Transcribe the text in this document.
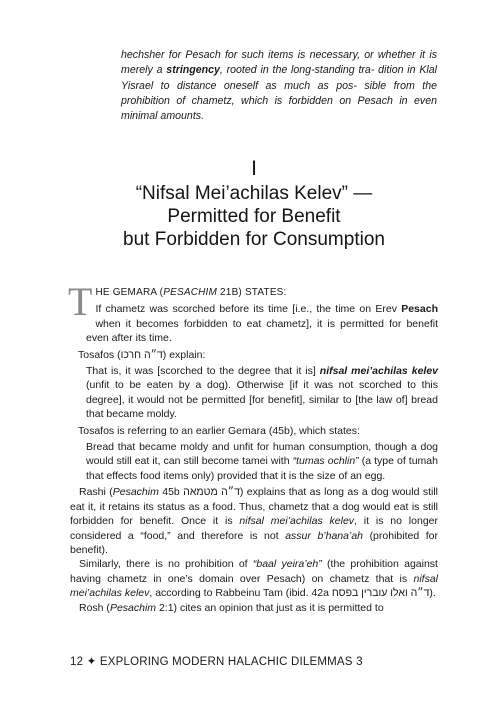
hechsher for Pesach for such items is necessary, or whether it is merely a stringency, rooted in the long-standing tra- dition in Klal Yisrael to distance oneself as much as pos- sible from the prohibition of chametz, which is forbidden on Pesach in even minimal amounts.

I

“Nifsal Mei’achilas Kelev” —
Permitted for Benefit
but Forbidden for Consumption
T HE GEMARA (PESACHIM 21B) STATES:
If chametz was scorched before its time [i.e., the time on Erev Pesach when it becomes forbidden to eat chametz], it is permitted for benefit even after its time.
Tosafos (ד״ה חרכו) explain:
That is, it was [scorched to the degree that it is] nifsal mei’achilas kelev (unfit to be eaten by a dog). Otherwise [if it was not scorched to this degree], it would not be permitted [for benefit], similar to [the law of] bread that became moldy.
Tosafos is referring to an earlier Gemara (45b), which states:
Bread that became moldy and unfit for human consumption, though a dog would still eat it, can still become tamei with “tumas ochlin” (a type of tumah that effects food items only) provided that it is the size of an egg.

Rashi (Pesachim 45b ד״ה מטמאה) explains that as long as a dog would still eat it, it retains its status as a food. Thus, chametz that a dog would eat is still forbidden for benefit. Once it is nifsal mei’achilas kelev, it is no longer considered a “food,” and therefore is not assur b’hana’ah (prohibited for benefit).

Similarly, there is no prohibition of “baal yeira’eh” (the prohibition against having chametz in one’s domain over Pesach) on chametz that is nifsal mei’achilas kelev, according to Rabbeinu Tam (ibid. 42a ד״ה ואלו עוברין בפסח).

Rosh (Pesachim 2:1) cites an opinion that just as it is permitted to

12 ✦ EXPLORING MODERN HALACHIC DILEMMAS 3
